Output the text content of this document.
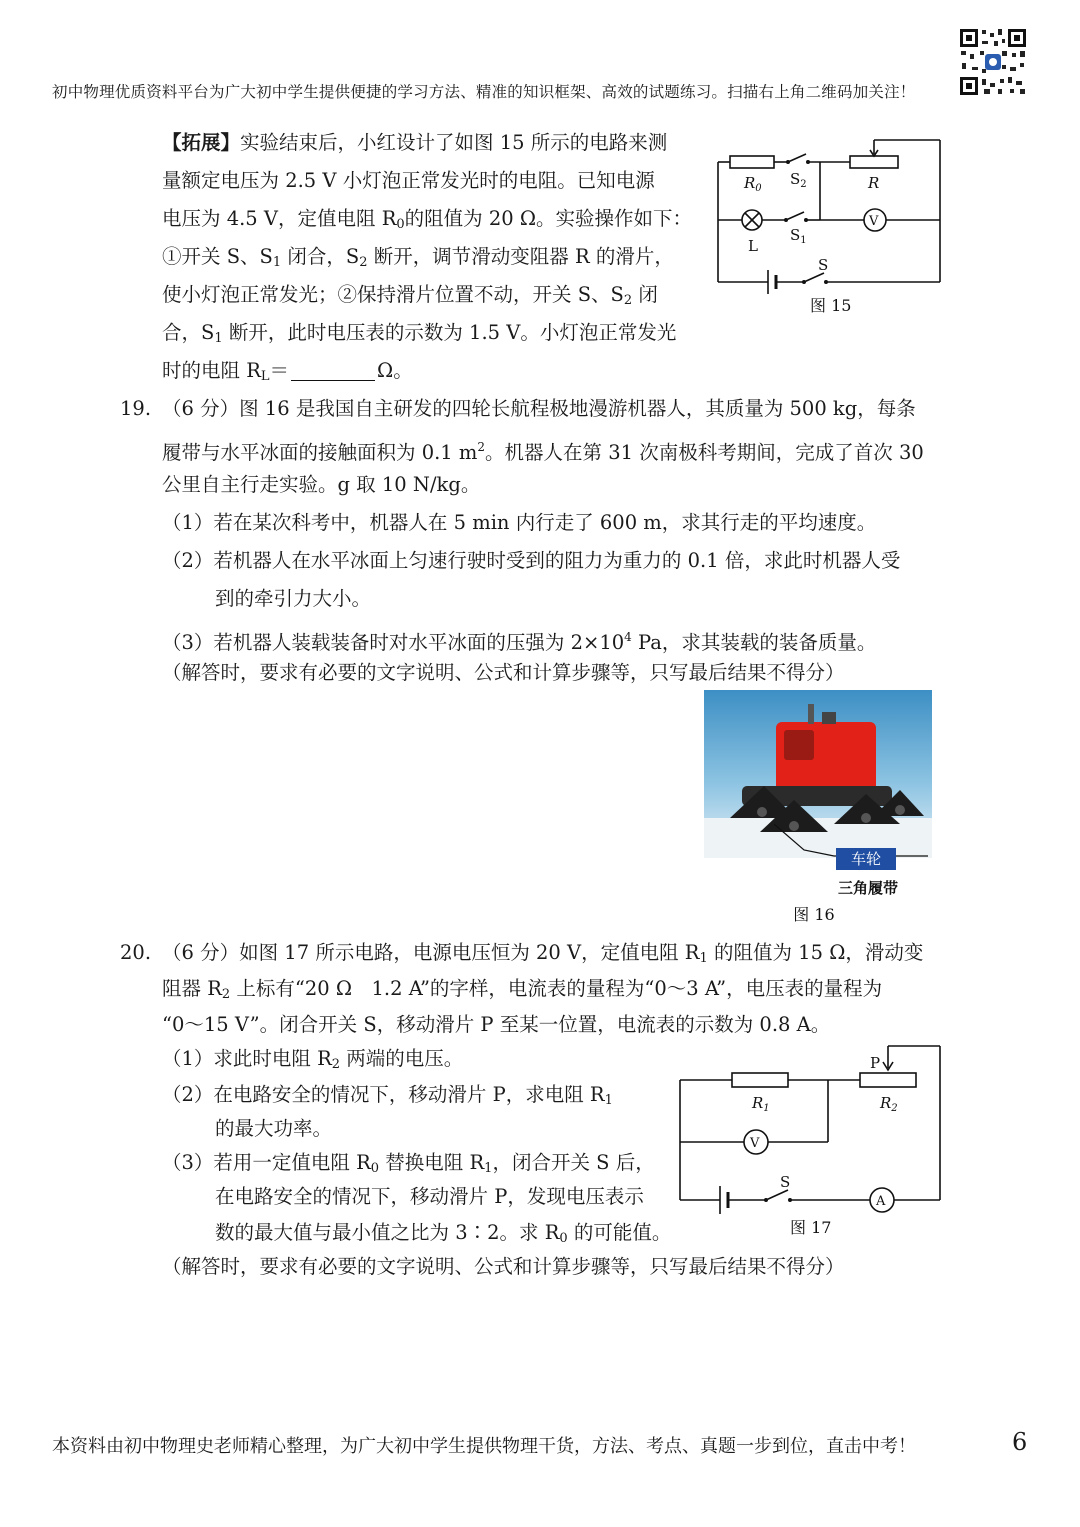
初中物理优质资料平台为广大初中学生提供便捷的学习方法、精准的知识框架、高效的试题练习。扫描右上角二维码加关注！
【拓展】实验结束后，小红设计了如图 15 所示的电路来测
量额定电压为 2.5 V 小灯泡正常发光时的电阻。已知电源
电压为 4.5 V，定值电阻 $R_0$的阻值为 20 Ω。实验操作如下：
①开关 S、$S_1$ 闭合，$S_2$ 断开，调节滑动变阻器 R 的滑片，
使小灯泡正常发光；②保持滑片位置不动，开关 S、$S_2$ 闭
合，$S_1$ 断开，此时电压表的示数为 1.5 V。小灯泡正常发光
时的电阻 $R_L=$	Ω。
$R_0$
$S_2$	R
L
$S_1$
V
S
图 15
19. （6 分）图 16 是我国自主研发的四轮长航程极地漫游机器人，其质量为 500 kg，每条
履带与水平冰面的接触面积为 0.1 $m^2$。机器人在第 31 次南极科考期间，完成了首次 30
公里自主行走实验。g 取 10 N/kg。
（1）若在某次科考中，机器人在 5 min 内行走了 600 m，求其行走的平均速度。
（2）若机器人在水平冰面上匀速行驶时受到的阻力为重力的 0.1 倍，求此时机器人受
到的牵引力大小。
（3）若机器人装载装备时对水平冰面的压强为 $2\times 10^4$ Pa，求其装载的装备质量。
（解答时，要求有必要的文字说明、公式和计算步骤等，只写最后结果不得分）
车轮
三角履带
图 16
20. （6 分）如图 17 所示电路，电源电压恒为 20 V，定值电阻 $R_1$ 的阻值为 15 Ω，滑动变
阻器 $R_2$ 上标有“20 Ω　1.2 A”的字样，电流表的量程为“0～3 A”，电压表的量程为
“0～15 V”。闭合开关 S，移动滑片 P 至某一位置，电流表的示数为 0.8 A。
（1）求此时电阻 $R_2$ 两端的电压。
（2）在电路安全的情况下，移动滑片 P，求电阻 $R_1$
的最大功率。
（3）若用一定值电阻 $R_0$ 替换电阻 $R_1$，闭合开关 S 后，
在电路安全的情况下，移动滑片 P，发现电压表示
数的最大值与最小值之比为 3∶2。求 $R_0$ 的可能值。
（解答时，要求有必要的文字说明、公式和计算步骤等，只写最后结果不得分）
P
$R_1$	$R_2$
V
S
A
图 17
本资料由初中物理史老师精心整理，为广大初中学生提供物理干货，方法、考点、真题一步到位，直击中考！	6
